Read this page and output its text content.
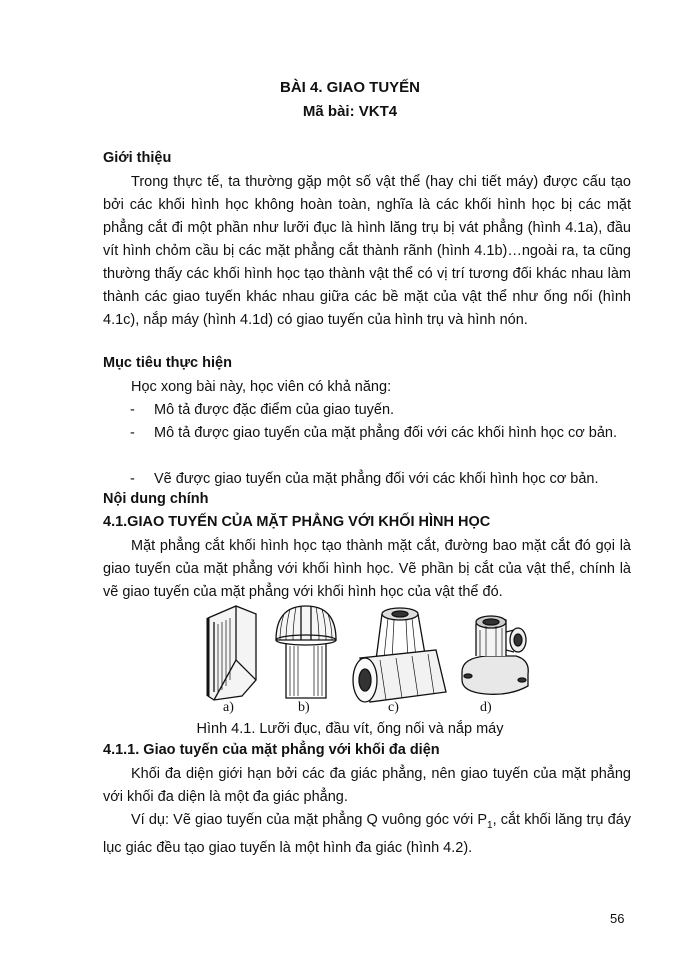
BÀI 4. GIAO TUYẾN
Mã bài: VKT4
Giới thiệu

Trong thực tế, ta thường gặp một số vật thể (hay chi tiết máy) được cấu tạo bởi các khối hình học không hoàn toàn, nghĩa là các khối hình học bị các mặt phẳng cắt đi một phần như lưỡi đục là hình lăng trụ bị vát phẳng (hình 4.1a), đầu vít hình chỏm cầu bị các mặt phẳng cắt thành rãnh (hình 4.1b)…ngoài ra, ta cũng thường thấy các khối hình học tạo thành vật thể có vị trí tương đối khác nhau làm thành các giao tuyến khác nhau giữa các bề mặt của vật thể như ống nối (hình 4.1c), nắp máy (hình 4.1d) có giao tuyến của hình trụ và hình nón.

Mục tiêu thực hiện
Học xong bài này, học viên có khả năng:
- Mô tả được đặc điểm của giao tuyến.
- Mô tả được giao tuyến của mặt phẳng đối với các khối hình học cơ bản.
- Vẽ được giao tuyến của mặt phẳng đối với các khối hình học cơ bản.
Nội dung chính
4.1.GIAO TUYẾN CỦA MẶT PHẲNG VỚI KHỐI HÌNH HỌC

Mặt phẳng cắt khối hình học tạo thành mặt cắt, đường bao mặt cắt đó gọi là giao tuyến của mặt phẳng với khối hình học. Vẽ phần bị cắt của vật thể, chính là vẽ giao tuyến của mặt phẳng với khối hình học của vật thể đó.

a)	b)	c)	d)
Hình 4.1. Lưỡi đục, đầu vít, ống nối và nắp máy
4.1.1. Giao tuyến của mặt phẳng với khối đa diện

Khối đa diện giới hạn bởi các đa giác phẳng, nên giao tuyến của mặt phẳng với khối đa diện là một đa giác phẳng.

Ví dụ: Vẽ giao tuyến của mặt phẳng Q vuông góc với $P_1$, cắt khối lăng trụ đáy lục giác đều tạo giao tuyến là một hình đa giác (hình 4.2).

56
